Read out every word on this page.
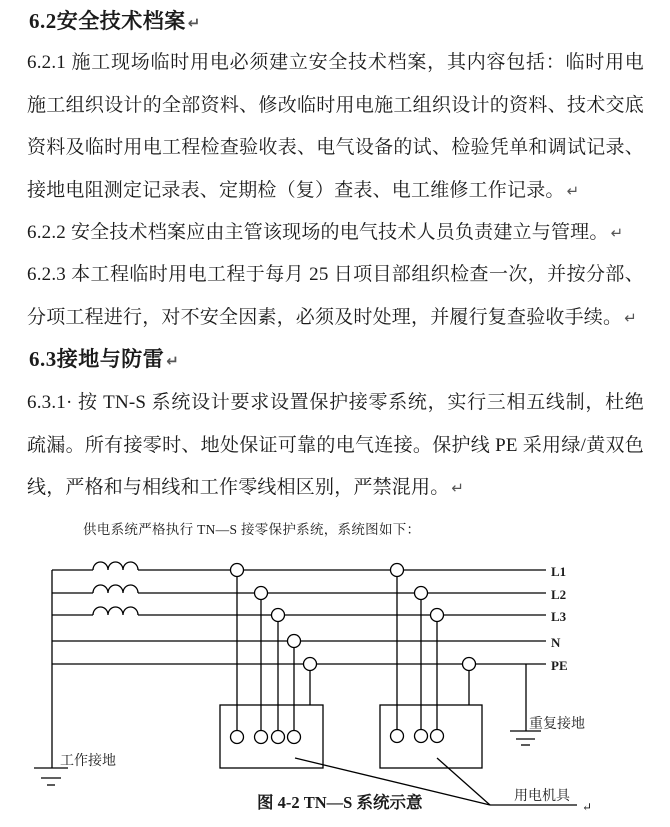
6.2安全技术档案 ↵
6.2.1 施工现场临时用电必须建立安全技术档案，其内容包括：临时用电
施工组织设计的全部资料、修改临时用电施工组织设计的资料、技术交底
资料及临时用电工程检查验收表、电气设备的试、检验凭单和调试记录、
接地电阻测定记录表、定期检（复）查表、电工维修工作记录。 ↵
6.2.2 安全技术档案应由主管该现场的电气技术人员负责建立与管理。 ↵
6.2.3 本工程临时用电工程于每月 25 日项目部组织检查一次，并按分部、
分项工程进行，对不安全因素，必须及时处理，并履行复查验收手续。 ↵
6.3接地与防雷 ↵
6.3.1· 按 TN-S 系统设计要求设置保护接零系统，实行三相五线制，杜绝
疏漏。所有接零时、地处保证可靠的电气连接。保护线 PE 采用绿/黄双色
线，严格和与相线和工作零线相区别，严禁混用。 ↵
供电系统严格执行 TN—S 接零保护系统，系统图如下：
工作接地
L1
L2
L3
N
PE
重复接地
用电机具
↵
图 4-2 TN—S 系统示意
